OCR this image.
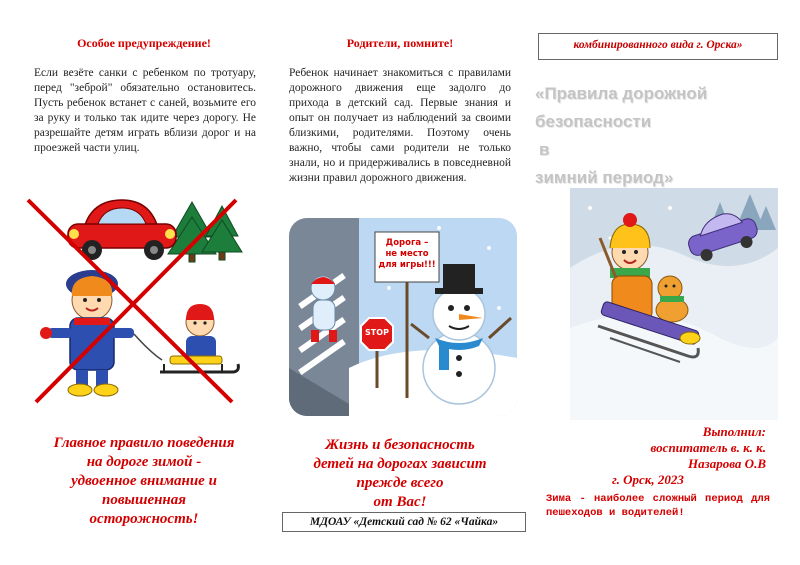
Особое предупреждение!
Если везёте санки с ребенком по тротуару, перед "зеброй" обязательно остановитесь. Пусть ребенок встанет с саней, возьмите его за руку и только так идите через дорогу. Не разрешайте детям играть вблизи дорог и на проезжей части улиц.
Главное правило поведения
на дороге зимой -
удвоенное внимание и
повышенная
осторожность!
Родители, помните!
Ребенок начинает знакомиться с правилами дорожного движения еще задолго до прихода в детский сад. Первые знания и опыт он получает из наблюдений за своими близкими, родителями. Поэтому очень важно, чтобы сами родители не только знали, но и придерживались в повседневной жизни правил дорожного движения.
Дорога –
не место
для игры!!!
STOP
Жизнь и безопасность
детей на дорогах зависит
прежде всего
от Вас!
МДОАУ «Детский сад № 62 «Чайка»
комбинированного вида г. Орска»
«Правила дорожной безопасности
в
зимний период»
Выполнил:
воспитатель в. к. к.
Назарова О.В
г. Орск, 2023
Зима - наиболее сложный период для пешеходов и водителей!
